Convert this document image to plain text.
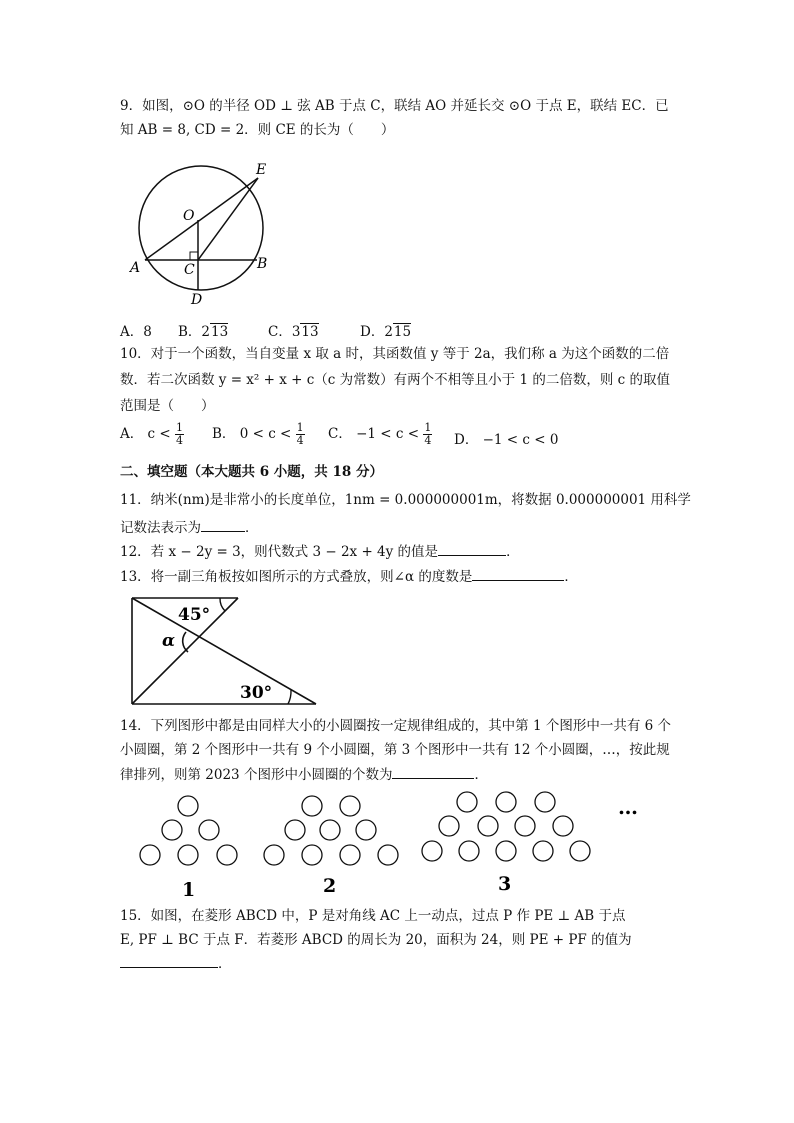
9．如图，⊙O 的半径 OD ⊥ 弦 AB 于点 C，联结 AO 并延长交 ⊙O 于点 E，联结 EC．已
知 AB = 8, CD = 2．则 CE 的长为（　　）
E
O
A	C	B
D
A．8 B．213	C．313	D．215
10．对于一个函数，当自变量 x 取 a 时，其函数值 y 等于 2a，我们称 a 为这个函数的二倍
数．若二次函数 y = x² + x + c（c 为常数）有两个不相等且小于 1 的二倍数，则 c 的取值
范围是（　　）
A． $c < \frac{1}{4}$ B． $0 < c < \frac{1}{4}$ C． $-1 < c < \frac{1}{4}$ D． −1 < c < 0
二、填空题（本大题共 6 小题，共 18 分）
11．纳米(nm)是非常小的长度单位，1nm = 0.000000001m，将数据 0.000000001 用科学
记数法表示为	．
12．若 x − 2y = 3，则代数式 3 − 2x + 4y 的值是	．
13．将一副三角板按如图所示的方式叠放，则∠α 的度数是	．
45°
α
30°
14．下列图形中都是由同样大小的小圆圈按一定规律组成的，其中第 1 个图形中一共有 6 个
小圆圈，第 2 个图形中一共有 9 个小圆圈，第 3 个图形中一共有 12 个小圆圈，…，按此规
律排列，则第 2023 个图形中小圆圈的个数为	．
1	2	3
…
15．如图，在菱形 ABCD 中，P 是对角线 AC 上一动点，过点 P 作 PE ⊥ AB 于点
E, PF ⊥ BC 于点 F．若菱形 ABCD 的周长为 20，面积为 24，则 PE + PF 的值为
．
